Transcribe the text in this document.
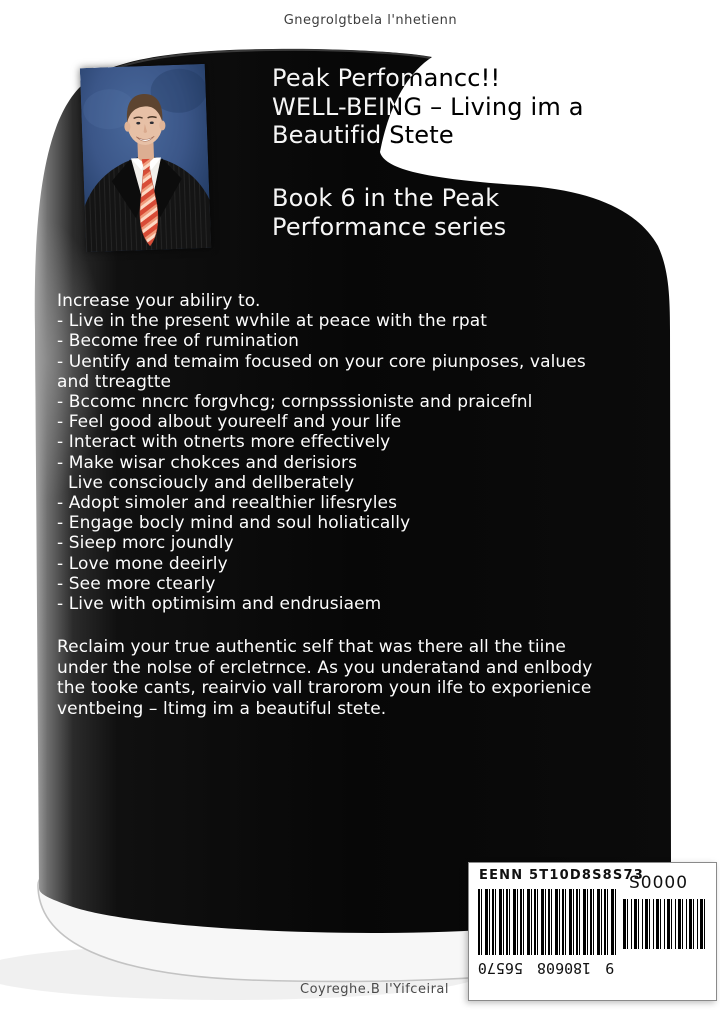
Gnegrolgtbela l'nhetienn
Peak Perfomancc!!
WELL-BEING – Living im a
Beautifid Stete
Book 6 in the Peak
Performance series
Increase your abiliry to.
- Live in the present wvhile at peace with the rpat
- Become free of rumination
- Uentify and temaim focused on your core piunposes, values
and ttreagtte
- Bccomc nncrc forgvhcg; cornpsssioniste and praicefnl
- Feel good albout youreelf and your life
- Interact with otnerts more effectively
- Make wisar chokces and derisiors
Live conscioucly and dellberately
- Adopt simoler and reealthier lifesryles
- Engage bocly mind and soul holiatically
- Sieep morc joundly
- Love mone deeirly
- See more ctearly
- Live with optimisim and endrusiaem
Reclaim your true authentic self that was there all the tiine
under the nolse of ercletrnce. As you underatand and enlbody
the tooke cants, reairvio vall trarorom youn ilfe to exporienice
ventbeing – ltimg im a beautiful stete.
EENN 5T10D8S8S73
S0000
9 180608 56570
Coyreghe.B l'Yifceiral
